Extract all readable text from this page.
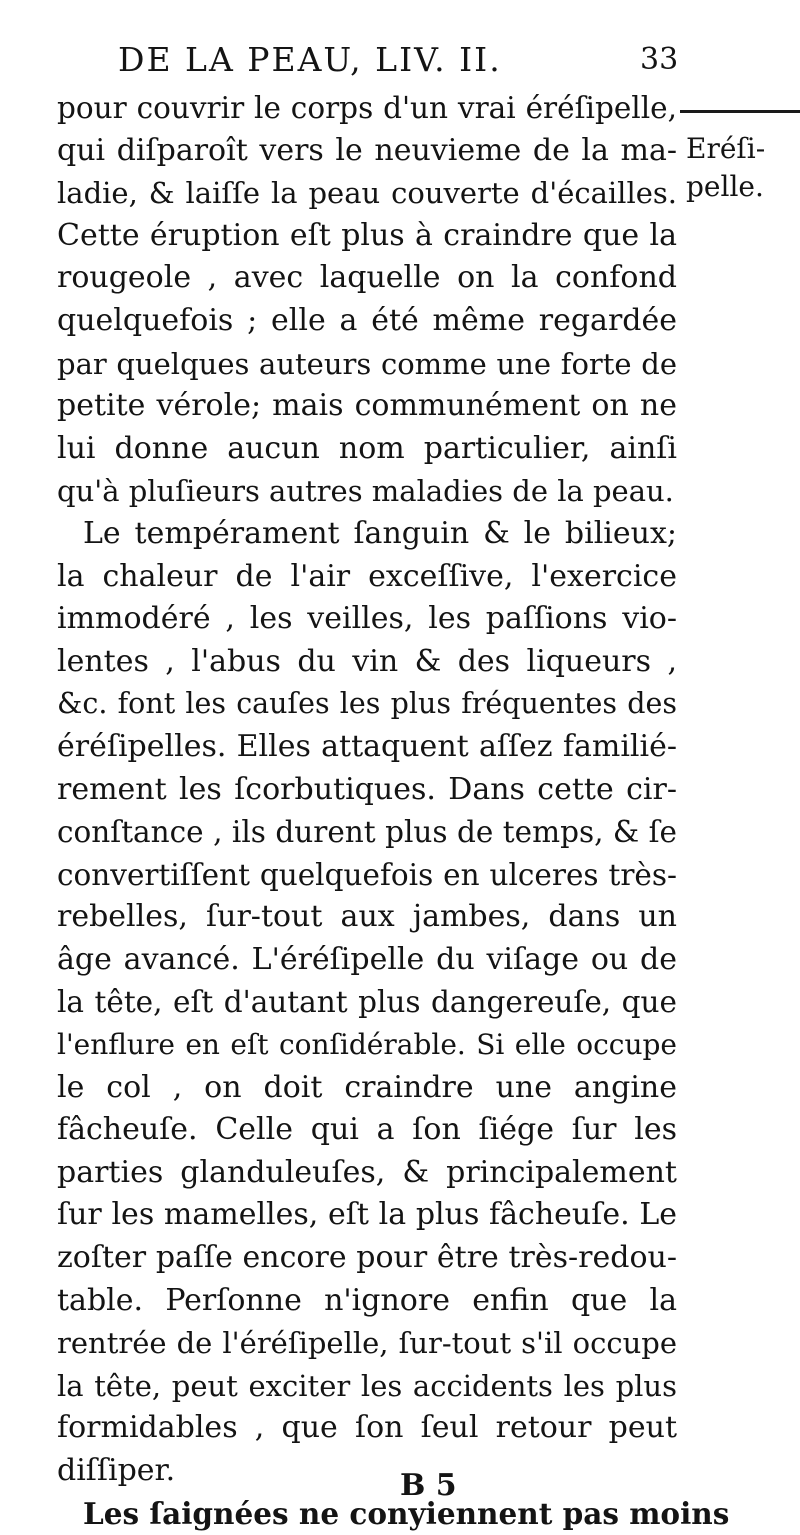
DE LA PEAU, LIV. II.	33
Eréſi-
pelle.
pour couvrir le corps d'un vrai éréſipelle,
qui diſparoît vers le neuvieme de la ma-
ladie, & laiſſe la peau couverte d'écailles.
Cette éruption eſt plus à craindre que la
rougeole , avec laquelle on la confond
quelquefois ; elle a été même regardée
par quelques auteurs comme une forte de
petite vérole; mais communément on ne
lui donne aucun nom particulier, ainſi
qu'à pluſieurs autres maladies de la peau.
Le tempérament ſanguin & le bilieux;
la chaleur de l'air exceſſive, l'exercice
immodéré , les veilles, les paſſions vio-
lentes , l'abus du vin & des liqueurs ,
&c. font les cauſes les plus fréquentes des
éréſipelles. Elles attaquent aſſez familié-
rement les ſcorbutiques. Dans cette cir-
conſtance , ils durent plus de temps, & ſe
convertiſſent quelquefois en ulceres très-
rebelles, ſur-tout aux jambes, dans un
âge avancé. L'éréſipelle du viſage ou de
la tête, eſt d'autant plus dangereuſe, que
l'enflure en eſt conſidérable. Si elle occupe
le col , on doit craindre une angine
fâcheuſe. Celle qui a ſon ſiége ſur les
parties glanduleuſes, & principalement
ſur les mamelles, eſt la plus fâcheuſe. Le
zoſter paſſe encore pour être très-redou-
table. Perſonne n'ignore enfin que la
rentrée de l'éréſipelle, ſur-tout s'il occupe
la tête, peut exciter les accidents les plus
formidables , que ſon ſeul retour peut
diſſiper.
Les ſaignées ne conyiennent pas moins
B 5
